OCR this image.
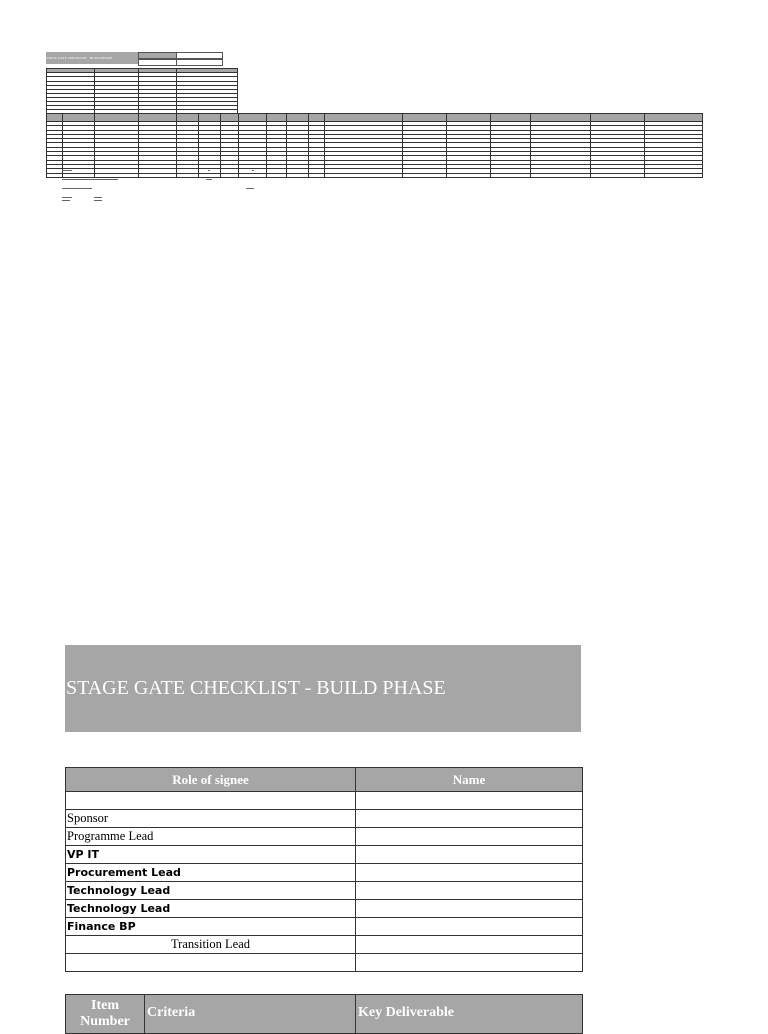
STAGE GATE CHECKLIST - BUILD PHASE

STAGE GATE CHECKLIST - BUILD PHASE
Role of signee	Name

Sponsor	
Programme Lead	
VP IT	
Procurement Lead	
Technology Lead	
Technology Lead	
Finance BP	
Transition Lead	

Item Number	Criteria	Key Deliverable
